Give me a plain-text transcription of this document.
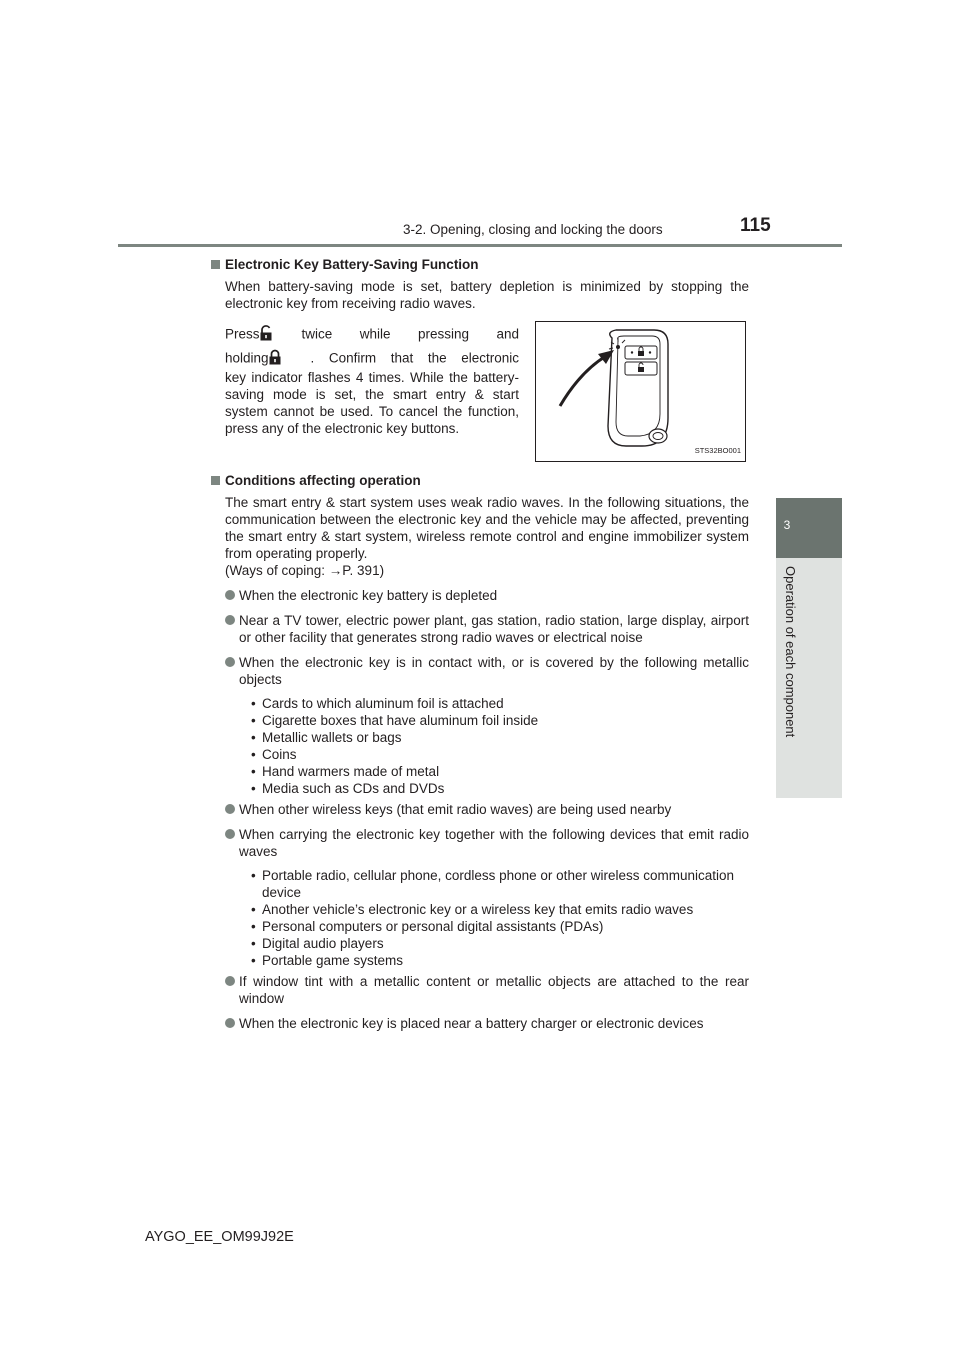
3-2. Opening, closing and locking the doors	115
3
Operation of each component
Electronic Key Battery-Saving Function

When battery-saving mode is set, battery depletion is minimized by stopping the electronic key from receiving radio waves.

Press	twice while pressing and
holding	. Confirm that the electronic
key indicator flashes 4 times. While the battery-saving mode is set, the smart entry & start system cannot be used. To cancel the function, press any of the electronic key buttons.
STS32BO001
Conditions affecting operation

The smart entry & start system uses weak radio waves. In the following situations, the communication between the electronic key and the vehicle may be affected, preventing the smart entry & start system, wireless remote control and engine immobilizer system from operating properly.

(Ways of coping: →P. 391)

When the electronic key battery is depleted
Near a TV tower, electric power plant, gas station, radio station, large display, airport or other facility that generates strong radio waves or electrical noise
When the electronic key is in contact with, or is covered by the following metallic objects
• Cards to which aluminum foil is attached
• Cigarette boxes that have aluminum foil inside
• Metallic wallets or bags
• Coins
• Hand warmers made of metal
• Media such as CDs and DVDs
When other wireless keys (that emit radio waves) are being used nearby
When carrying the electronic key together with the following devices that emit radio waves
• Portable radio, cellular phone, cordless phone or other wireless communication device
• Another vehicle’s electronic key or a wireless key that emits radio waves
• Personal computers or personal digital assistants (PDAs)
• Digital audio players
• Portable game systems
If window tint with a metallic content or metallic objects are attached to the rear window
When the electronic key is placed near a battery charger or electronic devices
AYGO_EE_OM99J92E
